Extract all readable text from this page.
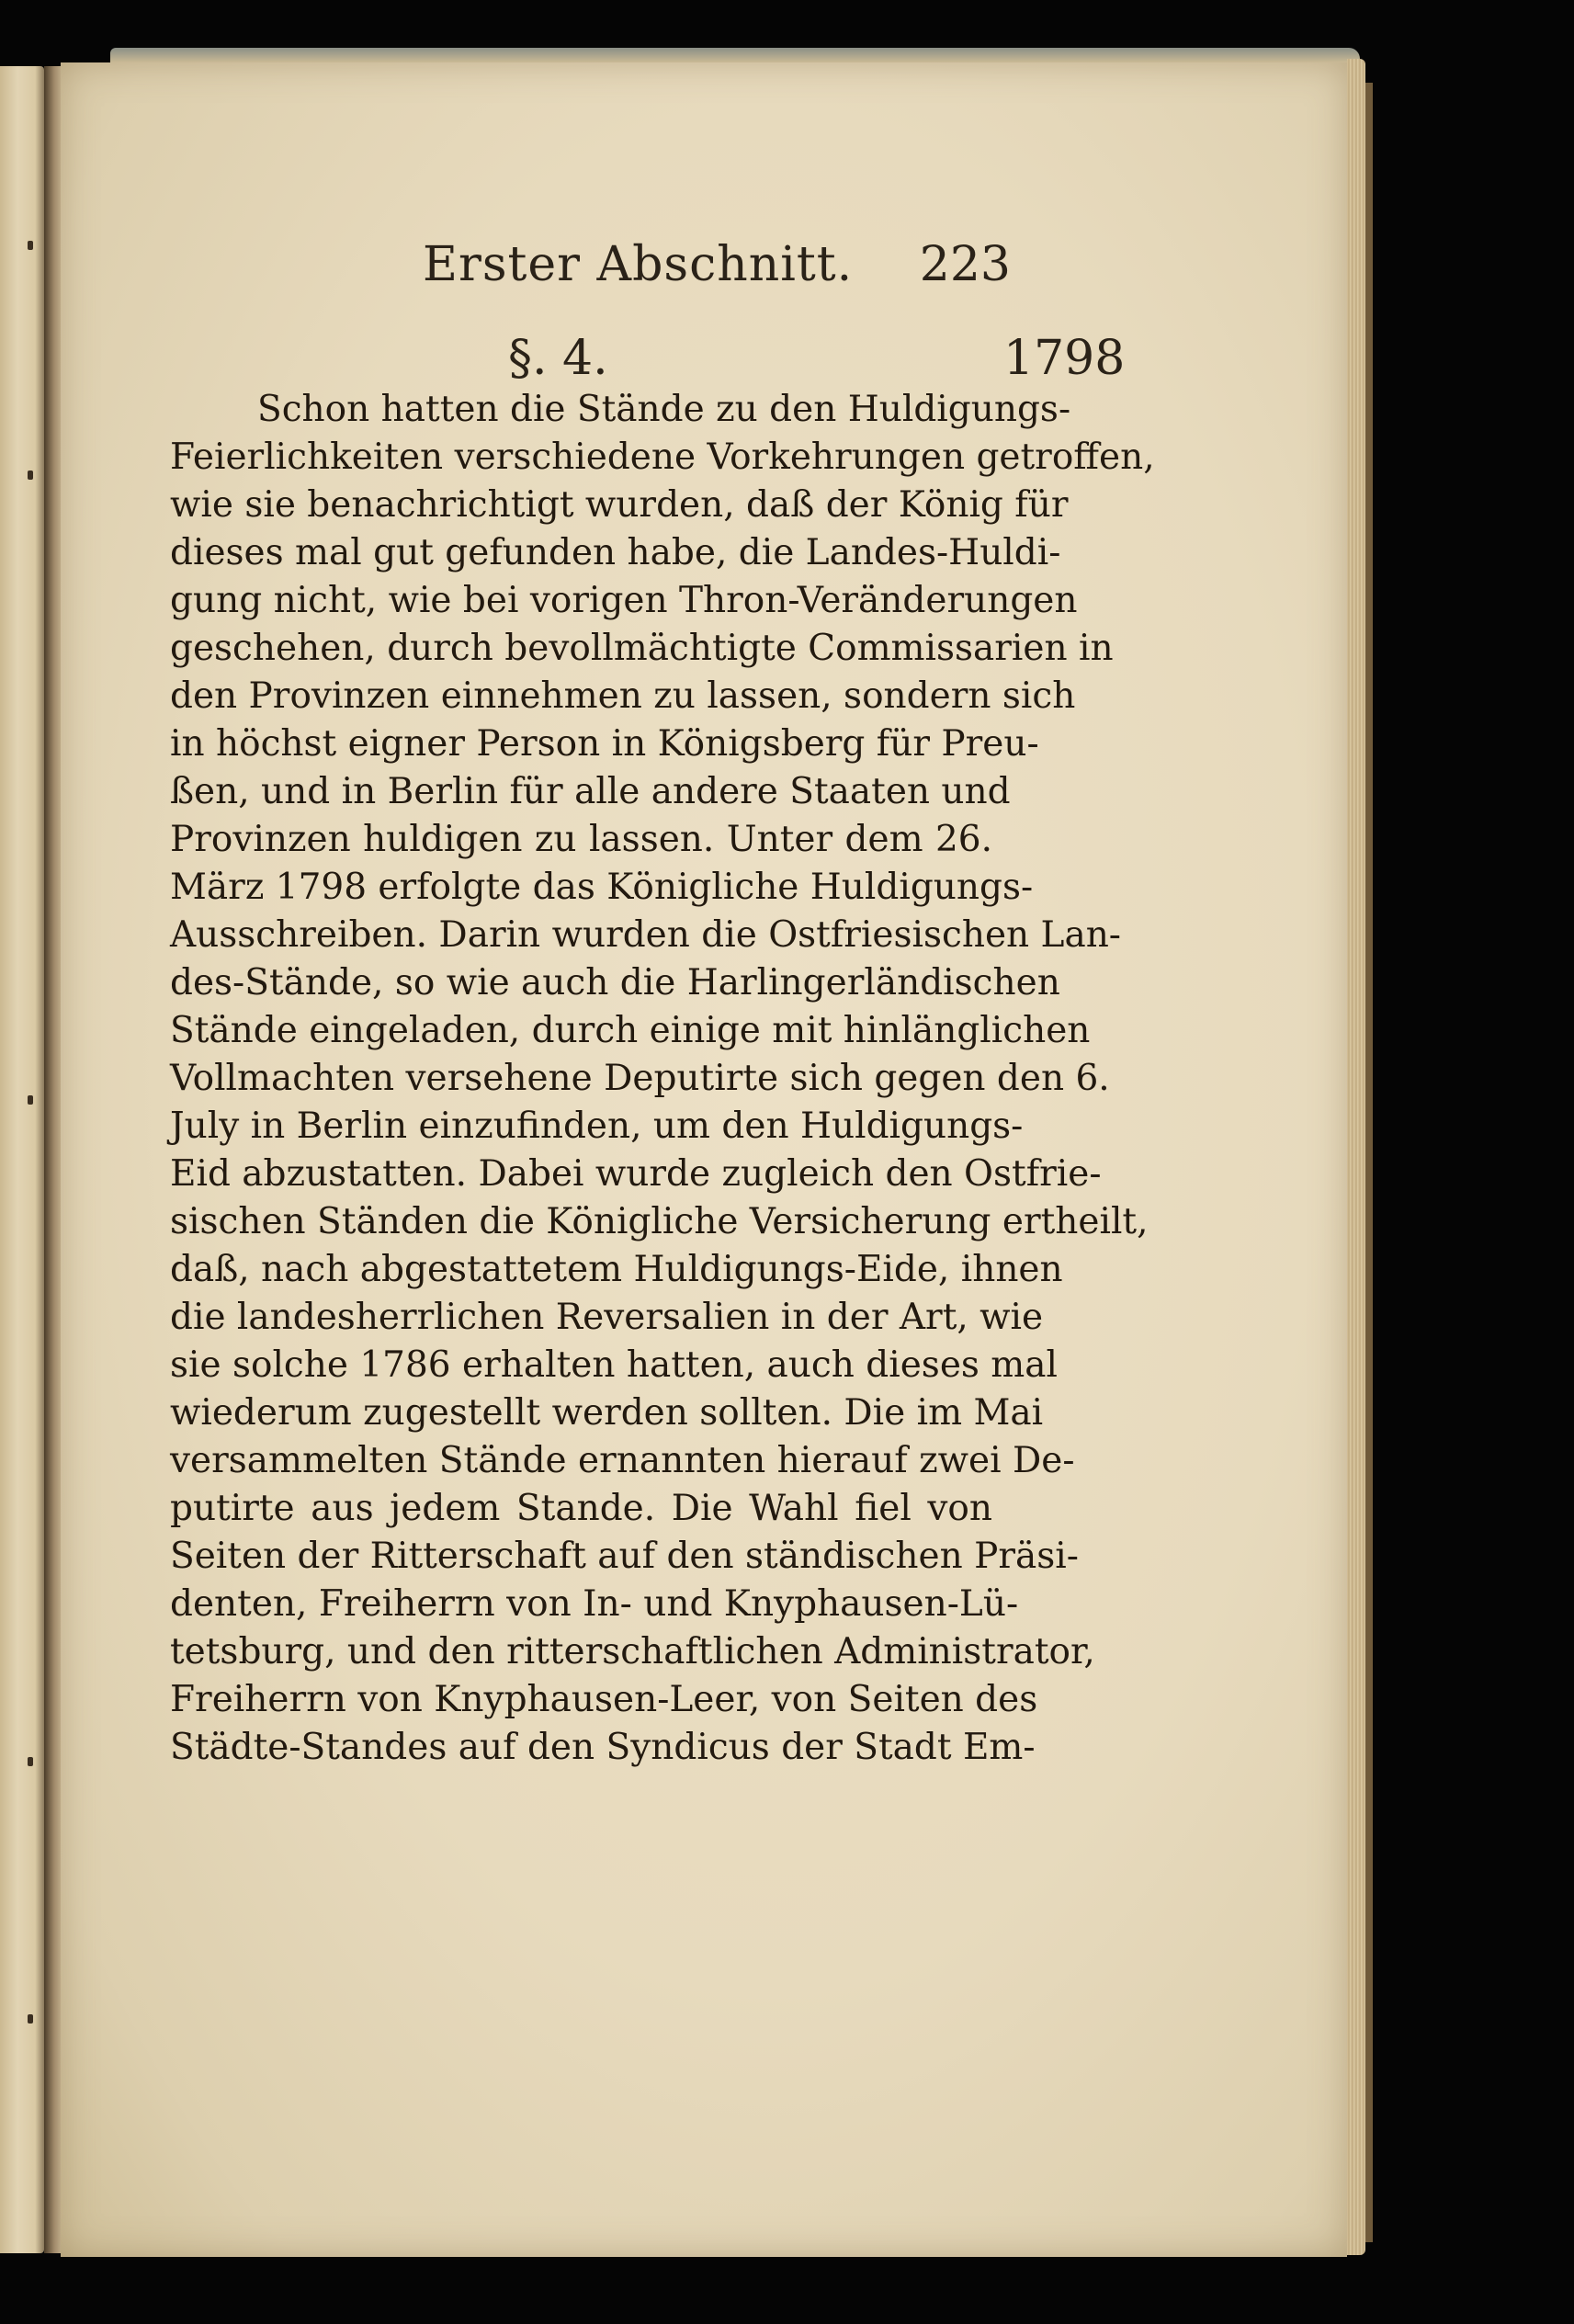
Erster Abschnitt. 223
§. 4.	1798
Schon hatten die Stände zu den Huldigungs-
Feierlichkeiten verschiedene Vorkehrungen getroffen,
wie sie benachrichtigt wurden, daß der König für
dieses mal gut gefunden habe, die Landes-Huldi-
gung nicht, wie bei vorigen Thron-Veränderungen
geschehen, durch bevollmächtigte Commissarien in
den Provinzen einnehmen zu lassen, sondern sich
in höchst eigner Person in Königsberg für Preu-
ßen, und in Berlin für alle andere Staaten und
Provinzen huldigen zu lassen. Unter dem 26.
März 1798 erfolgte das Königliche Huldigungs-
Ausschreiben. Darin wurden die Ostfriesischen Lan-
des-Stände, so wie auch die Harlingerländischen
Stände eingeladen, durch einige mit hinlänglichen
Vollmachten versehene Deputirte sich gegen den 6.
July in Berlin einzufinden, um den Huldigungs-
Eid abzustatten. Dabei wurde zugleich den Ostfrie-
sischen Ständen die Königliche Versicherung ertheilt,
daß, nach abgestattetem Huldigungs-Eide, ihnen
die landesherrlichen Reversalien in der Art, wie
sie solche 1786 erhalten hatten, auch dieses mal
wiederum zugestellt werden sollten. Die im Mai
versammelten Stände ernannten hierauf zwei De-
putirte aus jedem Stande. Die Wahl fiel von
Seiten der Ritterschaft auf den ständischen Präsi-
denten, Freiherrn von In- und Knyphausen-Lü-
tetsburg, und den ritterschaftlichen Administrator,
Freiherrn von Knyphausen-Leer, von Seiten des
Städte-Standes auf den Syndicus der Stadt Em-
